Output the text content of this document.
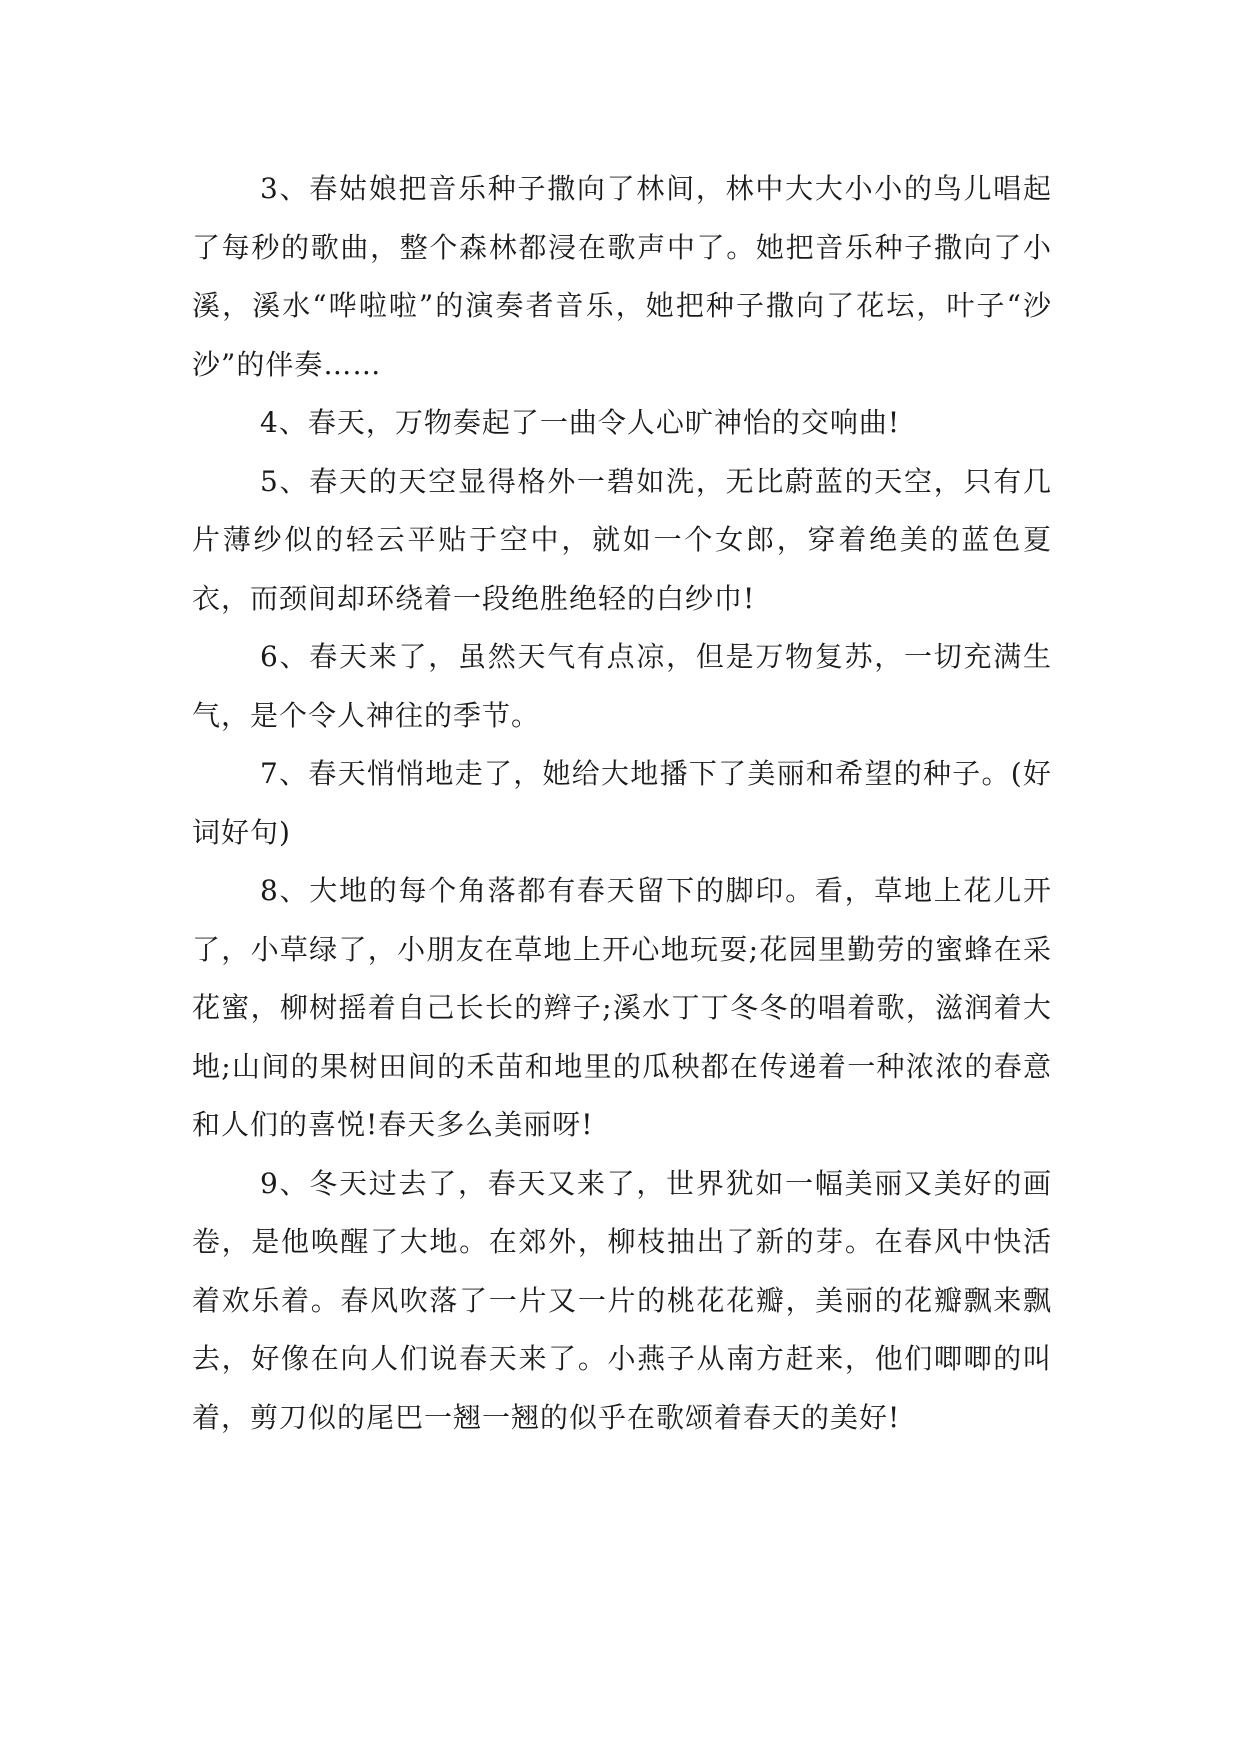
3、春姑娘把音乐种子撒向了林间，林中大大小小的鸟儿唱起了每秒的歌曲，整个森林都浸在歌声中了。她把音乐种子撒向了小溪，溪水“哗啦啦”的演奏者音乐，她把种子撒向了花坛，叶子“沙沙”的伴奏……

4、春天，万物奏起了一曲令人心旷神怡的交响曲!

5、春天的天空显得格外一碧如洗，无比蔚蓝的天空，只有几片薄纱似的轻云平贴于空中，就如一个女郎，穿着绝美的蓝色夏衣，而颈间却环绕着一段绝胜绝轻的白纱巾!

6、春天来了，虽然天气有点凉，但是万物复苏，一切充满生气，是个令人神往的季节。

7、春天悄悄地走了，她给大地播下了美丽和希望的种子。(好词好句)

8、大地的每个角落都有春天留下的脚印。看，草地上花儿开了，小草绿了，小朋友在草地上开心地玩耍;花园里勤劳的蜜蜂在采花蜜，柳树摇着自己长长的辫子;溪水丁丁冬冬的唱着歌，滋润着大地;山间的果树田间的禾苗和地里的瓜秧都在传递着一种浓浓的春意和人们的喜悦!春天多么美丽呀!

9、冬天过去了，春天又来了，世界犹如一幅美丽又美好的画卷，是他唤醒了大地。在郊外，柳枝抽出了新的芽。在春风中快活着欢乐着。春风吹落了一片又一片的桃花花瓣，美丽的花瓣飘来飘去，好像在向人们说春天来了。小燕子从南方赶来，他们唧唧的叫着，剪刀似的尾巴一翘一翘的似乎在歌颂着春天的美好!
